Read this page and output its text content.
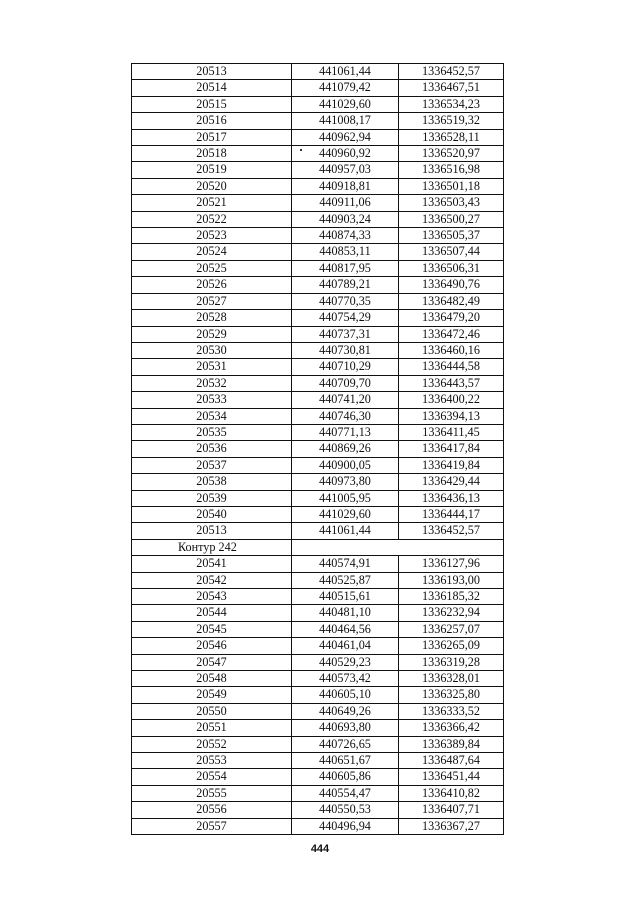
20513	441061,44	1336452,57
20514	441079,42	1336467,51
20515	441029,60	1336534,23
20516	441008,17	1336519,32
20517	440962,94	1336528,11
20518	440960,92	1336520,97
20519	440957,03	1336516,98
20520	440918,81	1336501,18
20521	440911,06	1336503,43
20522	440903,24	1336500,27
20523	440874,33	1336505,37
20524	440853,11	1336507,44
20525	440817,95	1336506,31
20526	440789,21	1336490,76
20527	440770,35	1336482,49
20528	440754,29	1336479,20
20529	440737,31	1336472,46
20530	440730,81	1336460,16
20531	440710,29	1336444,58
20532	440709,70	1336443,57
20533	440741,20	1336400,22
20534	440746,30	1336394,13
20535	440771,13	1336411,45
20536	440869,26	1336417,84
20537	440900,05	1336419,84
20538	440973,80	1336429,44
20539	441005,95	1336436,13
20540	441029,60	1336444,17
20513	441061,44	1336452,57
Контур 242		
20541	440574,91	1336127,96
20542	440525,87	1336193,00
20543	440515,61	1336185,32
20544	440481,10	1336232,94
20545	440464,56	1336257,07
20546	440461,04	1336265,09
20547	440529,23	1336319,28
20548	440573,42	1336328,01
20549	440605,10	1336325,80
20550	440649,26	1336333,52
20551	440693,80	1336366,42
20552	440726,65	1336389,84
20553	440651,67	1336487,64
20554	440605,86	1336451,44
20555	440554,47	1336410,82
20556	440550,53	1336407,71
20557	440496,94	1336367,27
444
